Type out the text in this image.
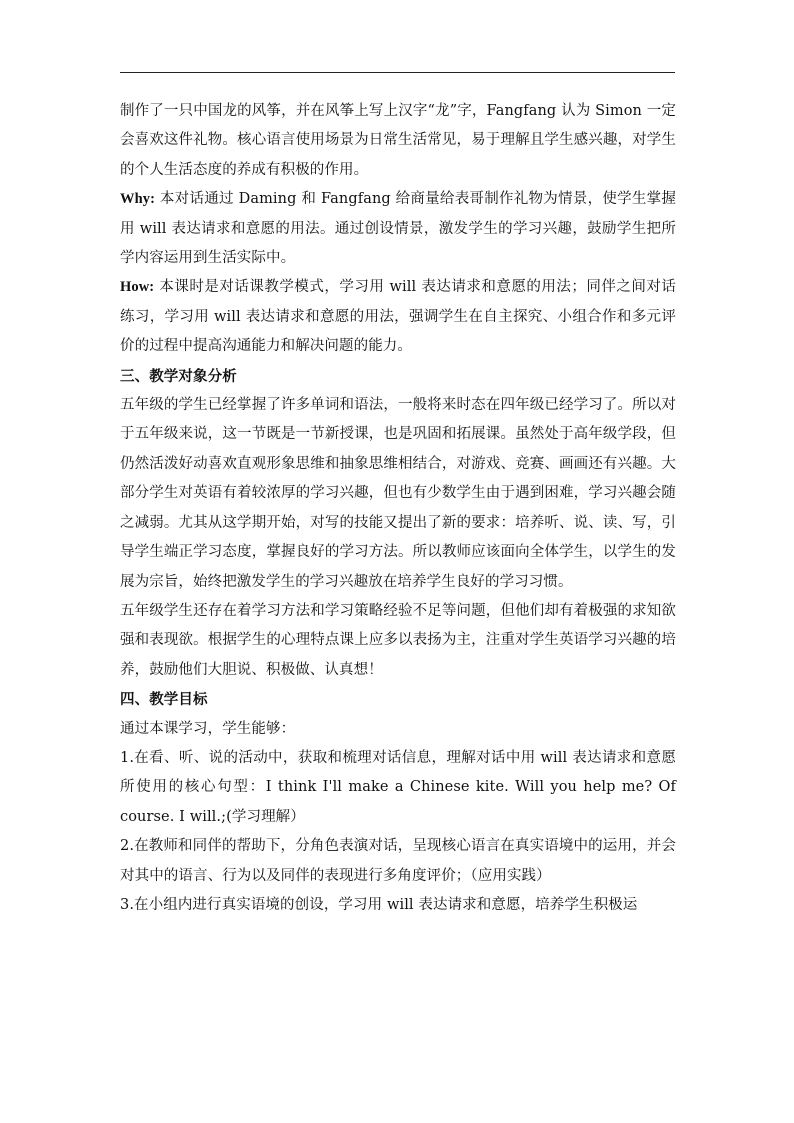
制作了一只中国龙的风筝，并在风筝上写上汉字“龙”字，Fangfang 认为 Simon 一定会喜欢这件礼物。核心语言使用场景为日常生活常见，易于理解且学生感兴趣，对学生的个人生活态度的养成有积极的作用。

Why: 本对话通过 Daming 和 Fangfang 给商量给表哥制作礼物为情景，使学生掌握用 will 表达请求和意愿的用法。通过创设情景，激发学生的学习兴趣，鼓励学生把所学内容运用到生活实际中。

How: 本课时是对话课教学模式，学习用 will 表达请求和意愿的用法；同伴之间对话练习，学习用 will 表达请求和意愿的用法，强调学生在自主探究、小组合作和多元评价的过程中提高沟通能力和解决问题的能力。

三、教学对象分析

五年级的学生已经掌握了许多单词和语法，一般将来时态在四年级已经学习了。所以对于五年级来说，这一节既是一节新授课，也是巩固和拓展课。虽然处于高年级学段，但仍然活泼好动喜欢直观形象思维和抽象思维相结合，对游戏、竞赛、画画还有兴趣。大部分学生对英语有着较浓厚的学习兴趣，但也有少数学生由于遇到困难，学习兴趣会随之减弱。尤其从这学期开始，对写的技能又提出了新的要求：培养听、说、读、写，引导学生端正学习态度，掌握良好的学习方法。所以教师应该面向全体学生，以学生的发展为宗旨，始终把激发学生的学习兴趣放在培养学生良好的学习习惯。

五年级学生还存在着学习方法和学习策略经验不足等问题，但他们却有着极强的求知欲强和表现欲。根据学生的心理特点课上应多以表扬为主，注重对学生英语学习兴趣的培养，鼓励他们大胆说、积极做、认真想！

四、教学目标

通过本课学习，学生能够：

1.在看、听、说的活动中，获取和梳理对话信息，理解对话中用 will 表达请求和意愿所使用的核心句型：I think I'll make a Chinese kite. Will you help me? Of course. I will.;(学习理解）

2.在教师和同伴的帮助下，分角色表演对话，呈现核心语言在真实语境中的运用，并会对其中的语言、行为以及同伴的表现进行多角度评价；（应用实践）

3.在小组内进行真实语境的创设，学习用 will 表达请求和意愿，培养学生积极运
